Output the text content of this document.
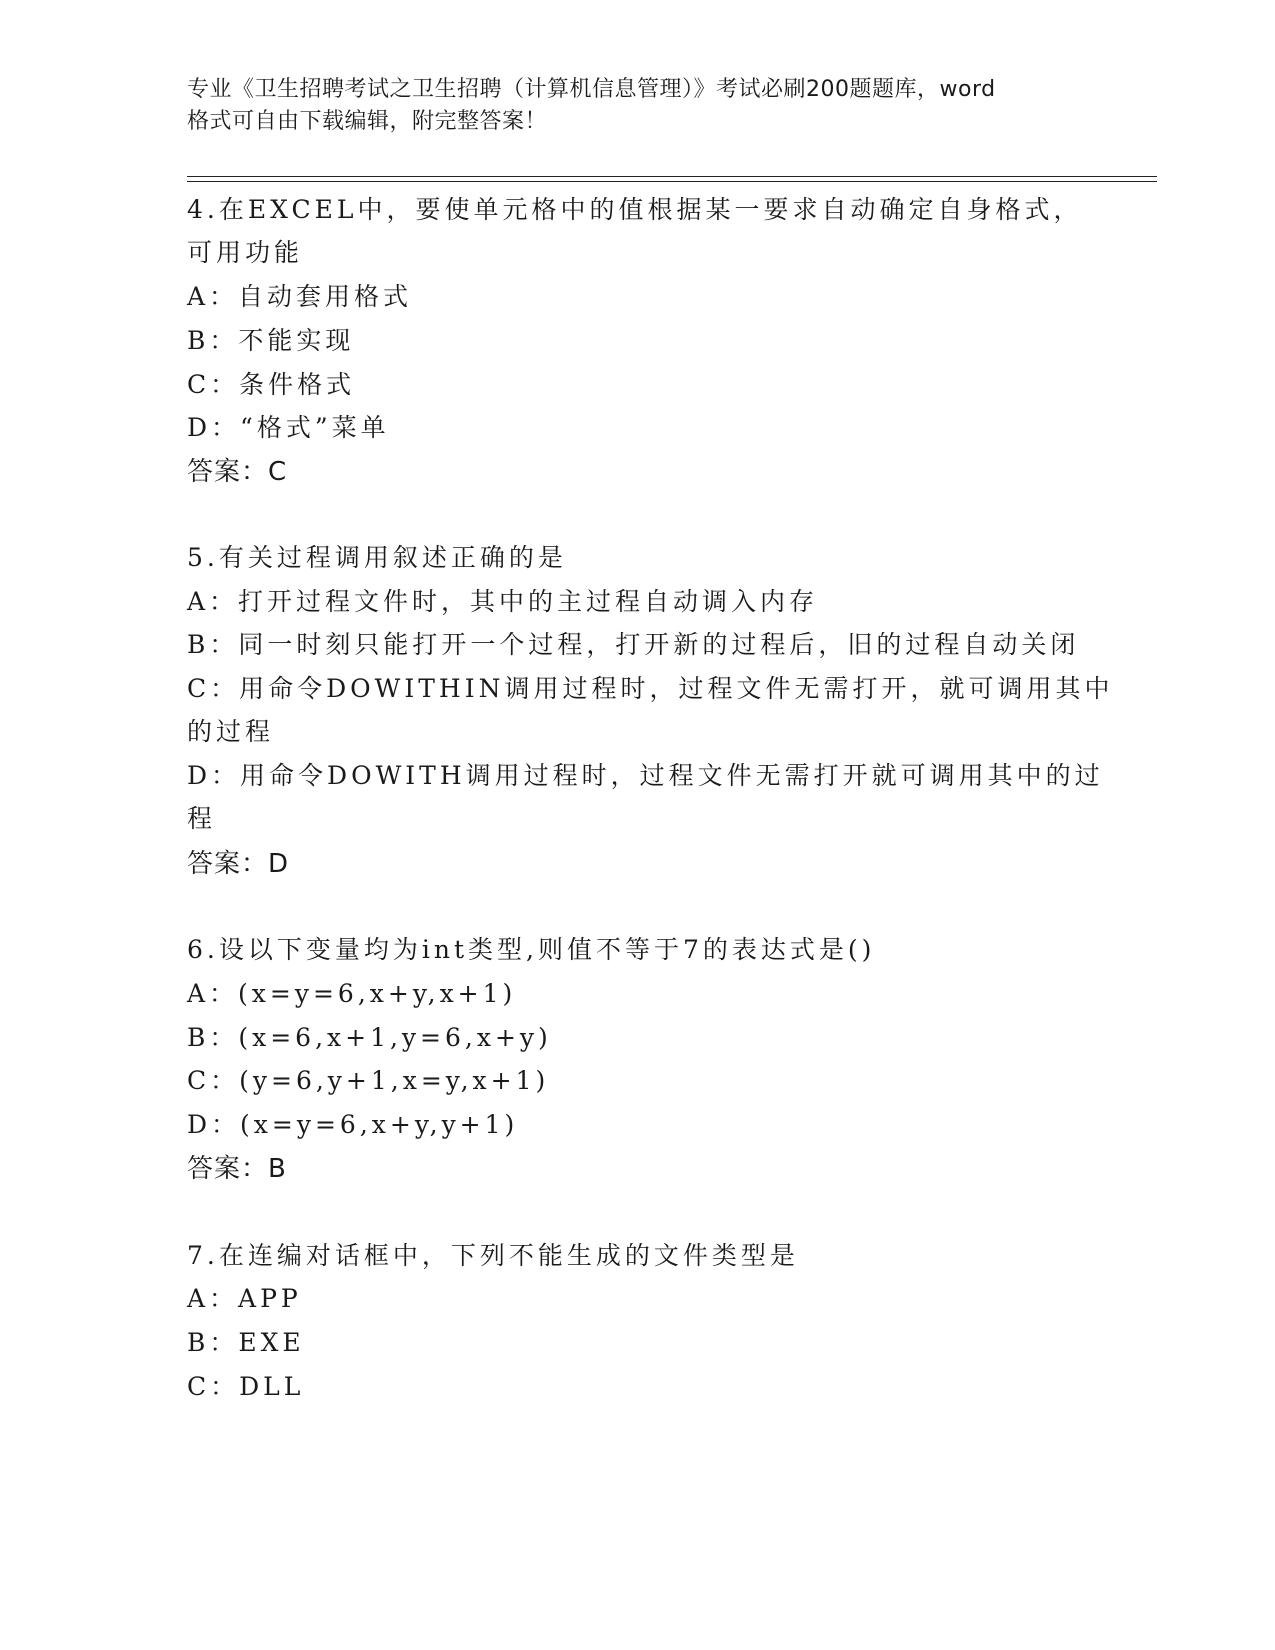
专业《卫生招聘考试之卫生招聘（计算机信息管理）》考试必刷200题题库，word
格式可自由下载编辑，附完整答案！
4.在EXCEL中，要使单元格中的值根据某一要求自动确定自身格式，
可用功能
A：自动套用格式
B：不能实现
C：条件格式
D：“格式”菜单
答案：C
5.有关过程调用叙述正确的是
A：打开过程文件时，其中的主过程自动调入内存
B：同一时刻只能打开一个过程，打开新的过程后，旧的过程自动关闭
C：用命令DOWITHIN调用过程时，过程文件无需打开，就可调用其中
的过程
D：用命令DOWITH调用过程时，过程文件无需打开就可调用其中的过
程
答案：D
6.设以下变量均为int类型,则值不等于7的表达式是()
A：(x=y=6,x+y,x+1)
B：(x=6,x+1,y=6,x+y)
C：(y=6,y+1,x=y,x+1)
D：(x=y=6,x+y,y+1)
答案：B
7.在连编对话框中，下列不能生成的文件类型是
A：APP
B：EXE
C：DLL
